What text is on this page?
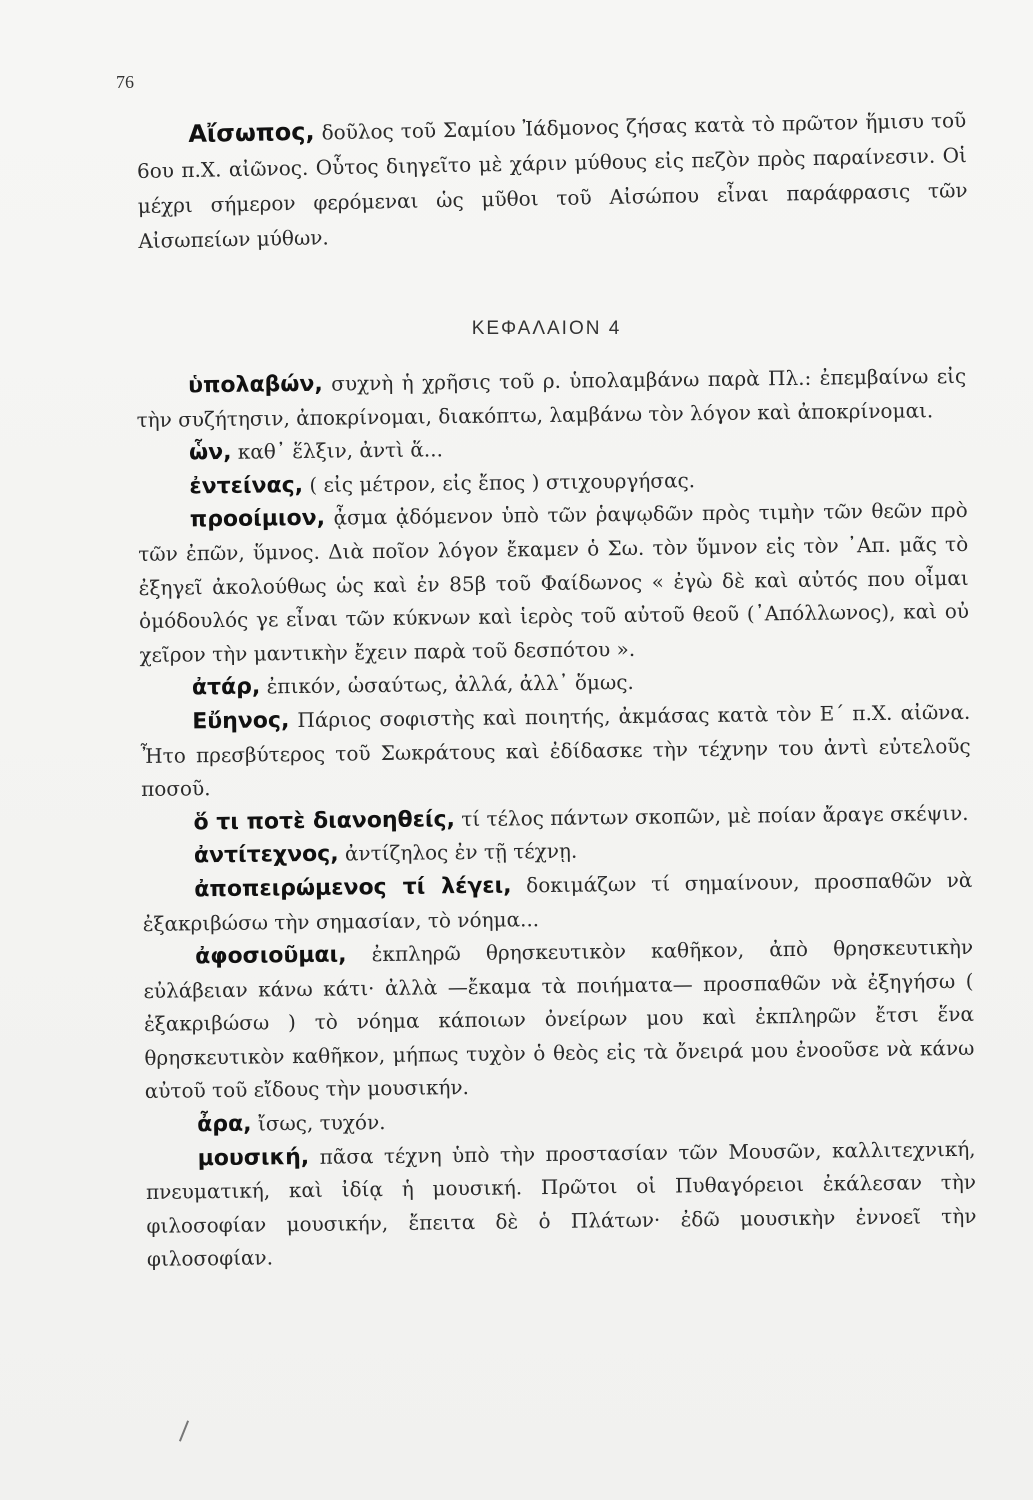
76

Αἴσωπος, δοῦλος τοῦ Σαμίου Ἰάδμονος ζήσας κατὰ τὸ πρῶτον ἥμισυ τοῦ 6ου π.Χ. αἰῶνος. Οὗτος διηγεῖτο μὲ χάριν μύθους εἰς πεζὸν πρὸς παραίνεσιν. Οἱ μέχρι σήμερον φερόμεναι ὡς μῦθοι τοῦ Αἰσώπου εἶναι παράφρασις τῶν Αἰσωπείων μύθων.

ΚΕΦΑΛΑΙΟΝ 4

ὑπολαβών, συχνὴ ἡ χρῆσις τοῦ ρ. ὑπολαμβάνω παρὰ Πλ.: ἐπεμβαίνω εἰς τὴν συζήτησιν, ἀποκρίνομαι, διακόπτω, λαμβάνω τὸν λόγον καὶ ἀποκρίνομαι.

ὧν, καθ᾿ ἕλξιν, ἀντὶ ἅ...

ἐντείνας, ( εἰς μέτρον, εἰς ἔπος ) στιχουργήσας.

προοίμιον, ᾆσμα ᾀδόμενον ὑπὸ τῶν ῥαψῳδῶν πρὸς τιμὴν τῶν θεῶν πρὸ τῶν ἐπῶν, ὕμνος. Διὰ ποῖον λόγον ἔκαμεν ὁ Σω. τὸν ὕμνον εἰς τὸν ᾿Απ. μᾶς τὸ ἐξηγεῖ ἀκολούθως ὡς καὶ ἐν 85β τοῦ Φαίδωνος « ἐγὼ δὲ καὶ αὐτός που οἶμαι ὁμόδουλός γε εἶναι τῶν κύκνων καὶ ἱερὸς τοῦ αὐτοῦ θεοῦ (᾿Απόλλωνος), καὶ οὐ χεῖρον τὴν μαντικὴν ἔχειν παρὰ τοῦ δεσπότου ».

ἀτάρ, ἐπικόν, ὡσαύτως, ἀλλά, ἀλλ᾿ ὅμως.

Εὔηνος, Πάριος σοφιστὴς καὶ ποιητής, ἀκμάσας κατὰ τὸν Ε΄ π.Χ. αἰῶνα. Ἦτο πρεσβύτερος τοῦ Σωκράτους καὶ ἐδίδασκε τὴν τέχνην του ἀντὶ εὐτελοῦς ποσοῦ.

ὅ τι ποτὲ διανοηθείς, τί τέλος πάντων σκοπῶν, μὲ ποίαν ἄραγε σκέψιν.

ἀντίτεχνος, ἀντίζηλος ἐν τῇ τέχνῃ.

ἀποπειρώμενος τί λέγει, δοκιμάζων τί σημαίνουν, προσπαθῶν νὰ ἐξακριβώσω τὴν σημασίαν, τὸ νόημα...

ἀφοσιοῦμαι, ἐκπληρῶ θρησκευτικὸν καθῆκον, ἀπὸ θρησκευτικὴν εὐλάβειαν κάνω κάτι· ἀλλὰ —ἔκαμα τὰ ποιήματα— προσπαθῶν νὰ ἐξηγήσω ( ἐξακριβώσω ) τὸ νόημα κάποιων ὀνείρων μου καὶ ἐκπληρῶν ἔτσι ἕνα θρησκευτικὸν καθῆκον, μήπως τυχὸν ὁ θεὸς εἰς τὰ ὄνειρά μου ἐνοοῦσε νὰ κάνω αὐτοῦ τοῦ εἴδους τὴν μουσικήν.

ἆρα, ἴσως, τυχόν.

μουσική, πᾶσα τέχνη ὑπὸ τὴν προστασίαν τῶν Μουσῶν, καλλιτεχνική, πνευματική, καὶ ἰδίᾳ ἡ μουσική. Πρῶτοι οἱ Πυθαγόρειοι ἐκάλεσαν τὴν φιλοσοφίαν μουσικήν, ἔπειτα δὲ ὁ Πλάτων· ἐδῶ μουσικὴν ἐννοεῖ τὴν φιλοσοφίαν.
